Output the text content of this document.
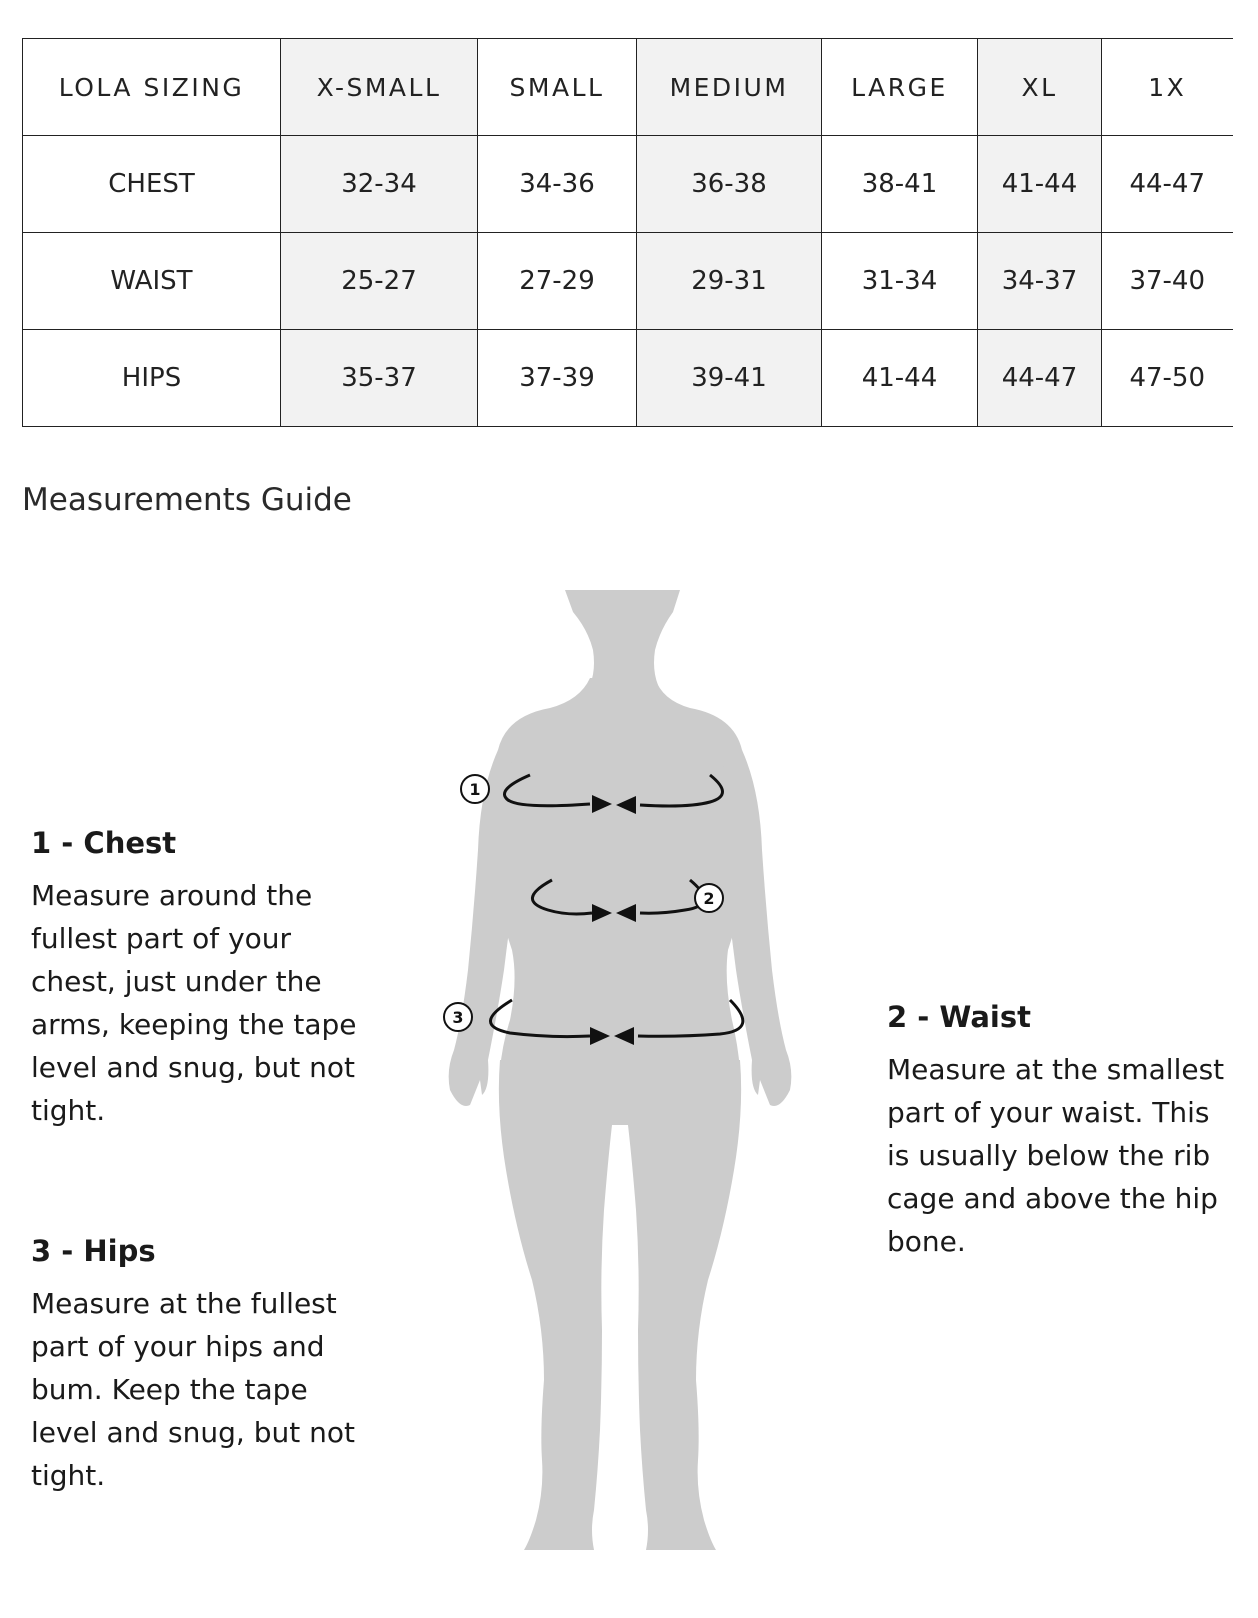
LOLA SIZING	X-SMALL	SMALL	MEDIUM	LARGE	XL	1X
CHEST	32-34	34-36	36-38	38-41	41-44	44-47
WAIST	25-27	27-29	29-31	31-34	34-37	37-40
HIPS	35-37	37-39	39-41	41-44	44-47	47-50
Measurements Guide
1 - Chest

Measure around the fullest part of your chest, just under the arms, keeping the tape level and snug, but not tight.

3 - Hips

Measure at the fullest part of your hips and bum. Keep the tape level and snug, but not tight.

2 - Waist

Measure at the smallest part of your waist. This is usually below the rib cage and above the hip bone.

1
2
3
